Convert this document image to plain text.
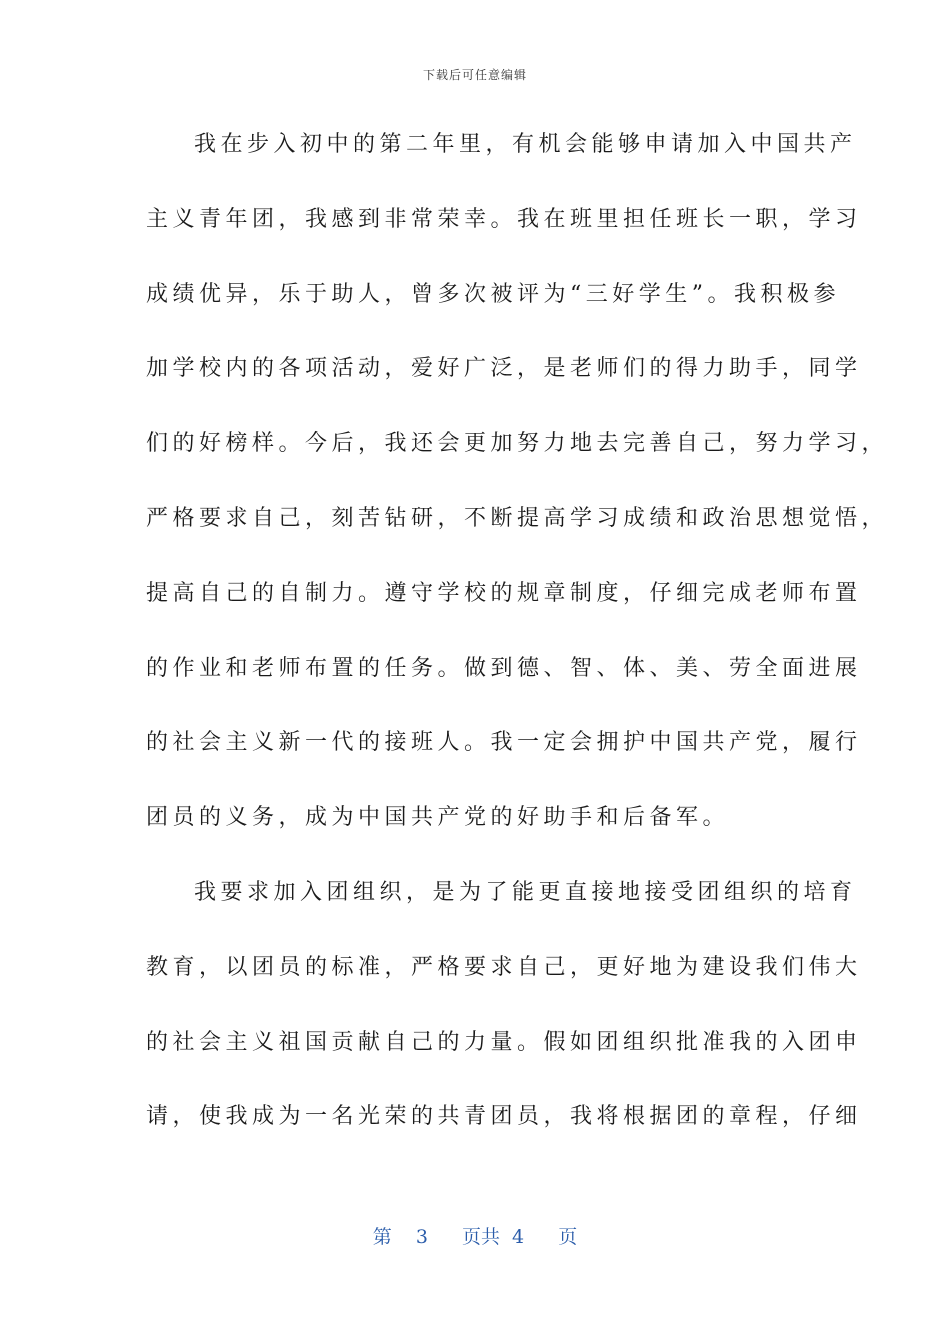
下载后可任意编辑
我在步入初中的第二年里，有机会能够申请加入中国共产
主义青年团，我感到非常荣幸。我在班里担任班长一职，学习
成绩优异，乐于助人，曾多次被评为“三好学生”。我积极参
加学校内的各项活动，爱好广泛，是老师们的得力助手，同学
们的好榜样。今后，我还会更加努力地去完善自己，努力学习，
严格要求自己，刻苦钻研，不断提高学习成绩和政治思想觉悟，
提高自己的自制力。遵守学校的规章制度，仔细完成老师布置
的作业和老师布置的任务。做到德、智、体、美、劳全面进展
的社会主义新一代的接班人。我一定会拥护中国共产党，履行
团员的义务，成为中国共产党的好助手和后备军。
我要求加入团组织，是为了能更直接地接受团组织的培育
教育，以团员的标准，严格要求自己，更好地为建设我们伟大
的社会主义祖国贡献自己的力量。假如团组织批准我的入团申
请，使我成为一名光荣的共青团员，我将根据团的章程，仔细
第 3 页共 4 页
